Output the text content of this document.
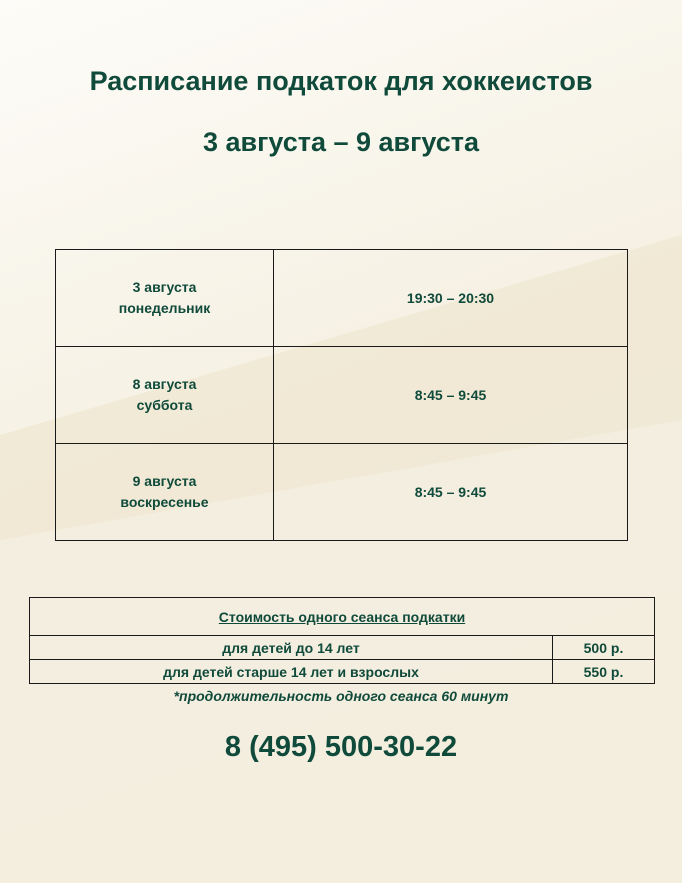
Расписание подкаток для хоккеистов
3 августа – 9 августа
3 августа
понедельник	19:30 – 20:30
8 августа
суббота	8:45 – 9:45
9 августа
воскресенье	8:45 – 9:45
Стоимость одного сеанса подкатки	
для детей до 14 лет	500 р.
для детей старше 14 лет и взрослых	550 р.
*продолжительность одного сеанса 60 минут
8 (495) 500-30-22
